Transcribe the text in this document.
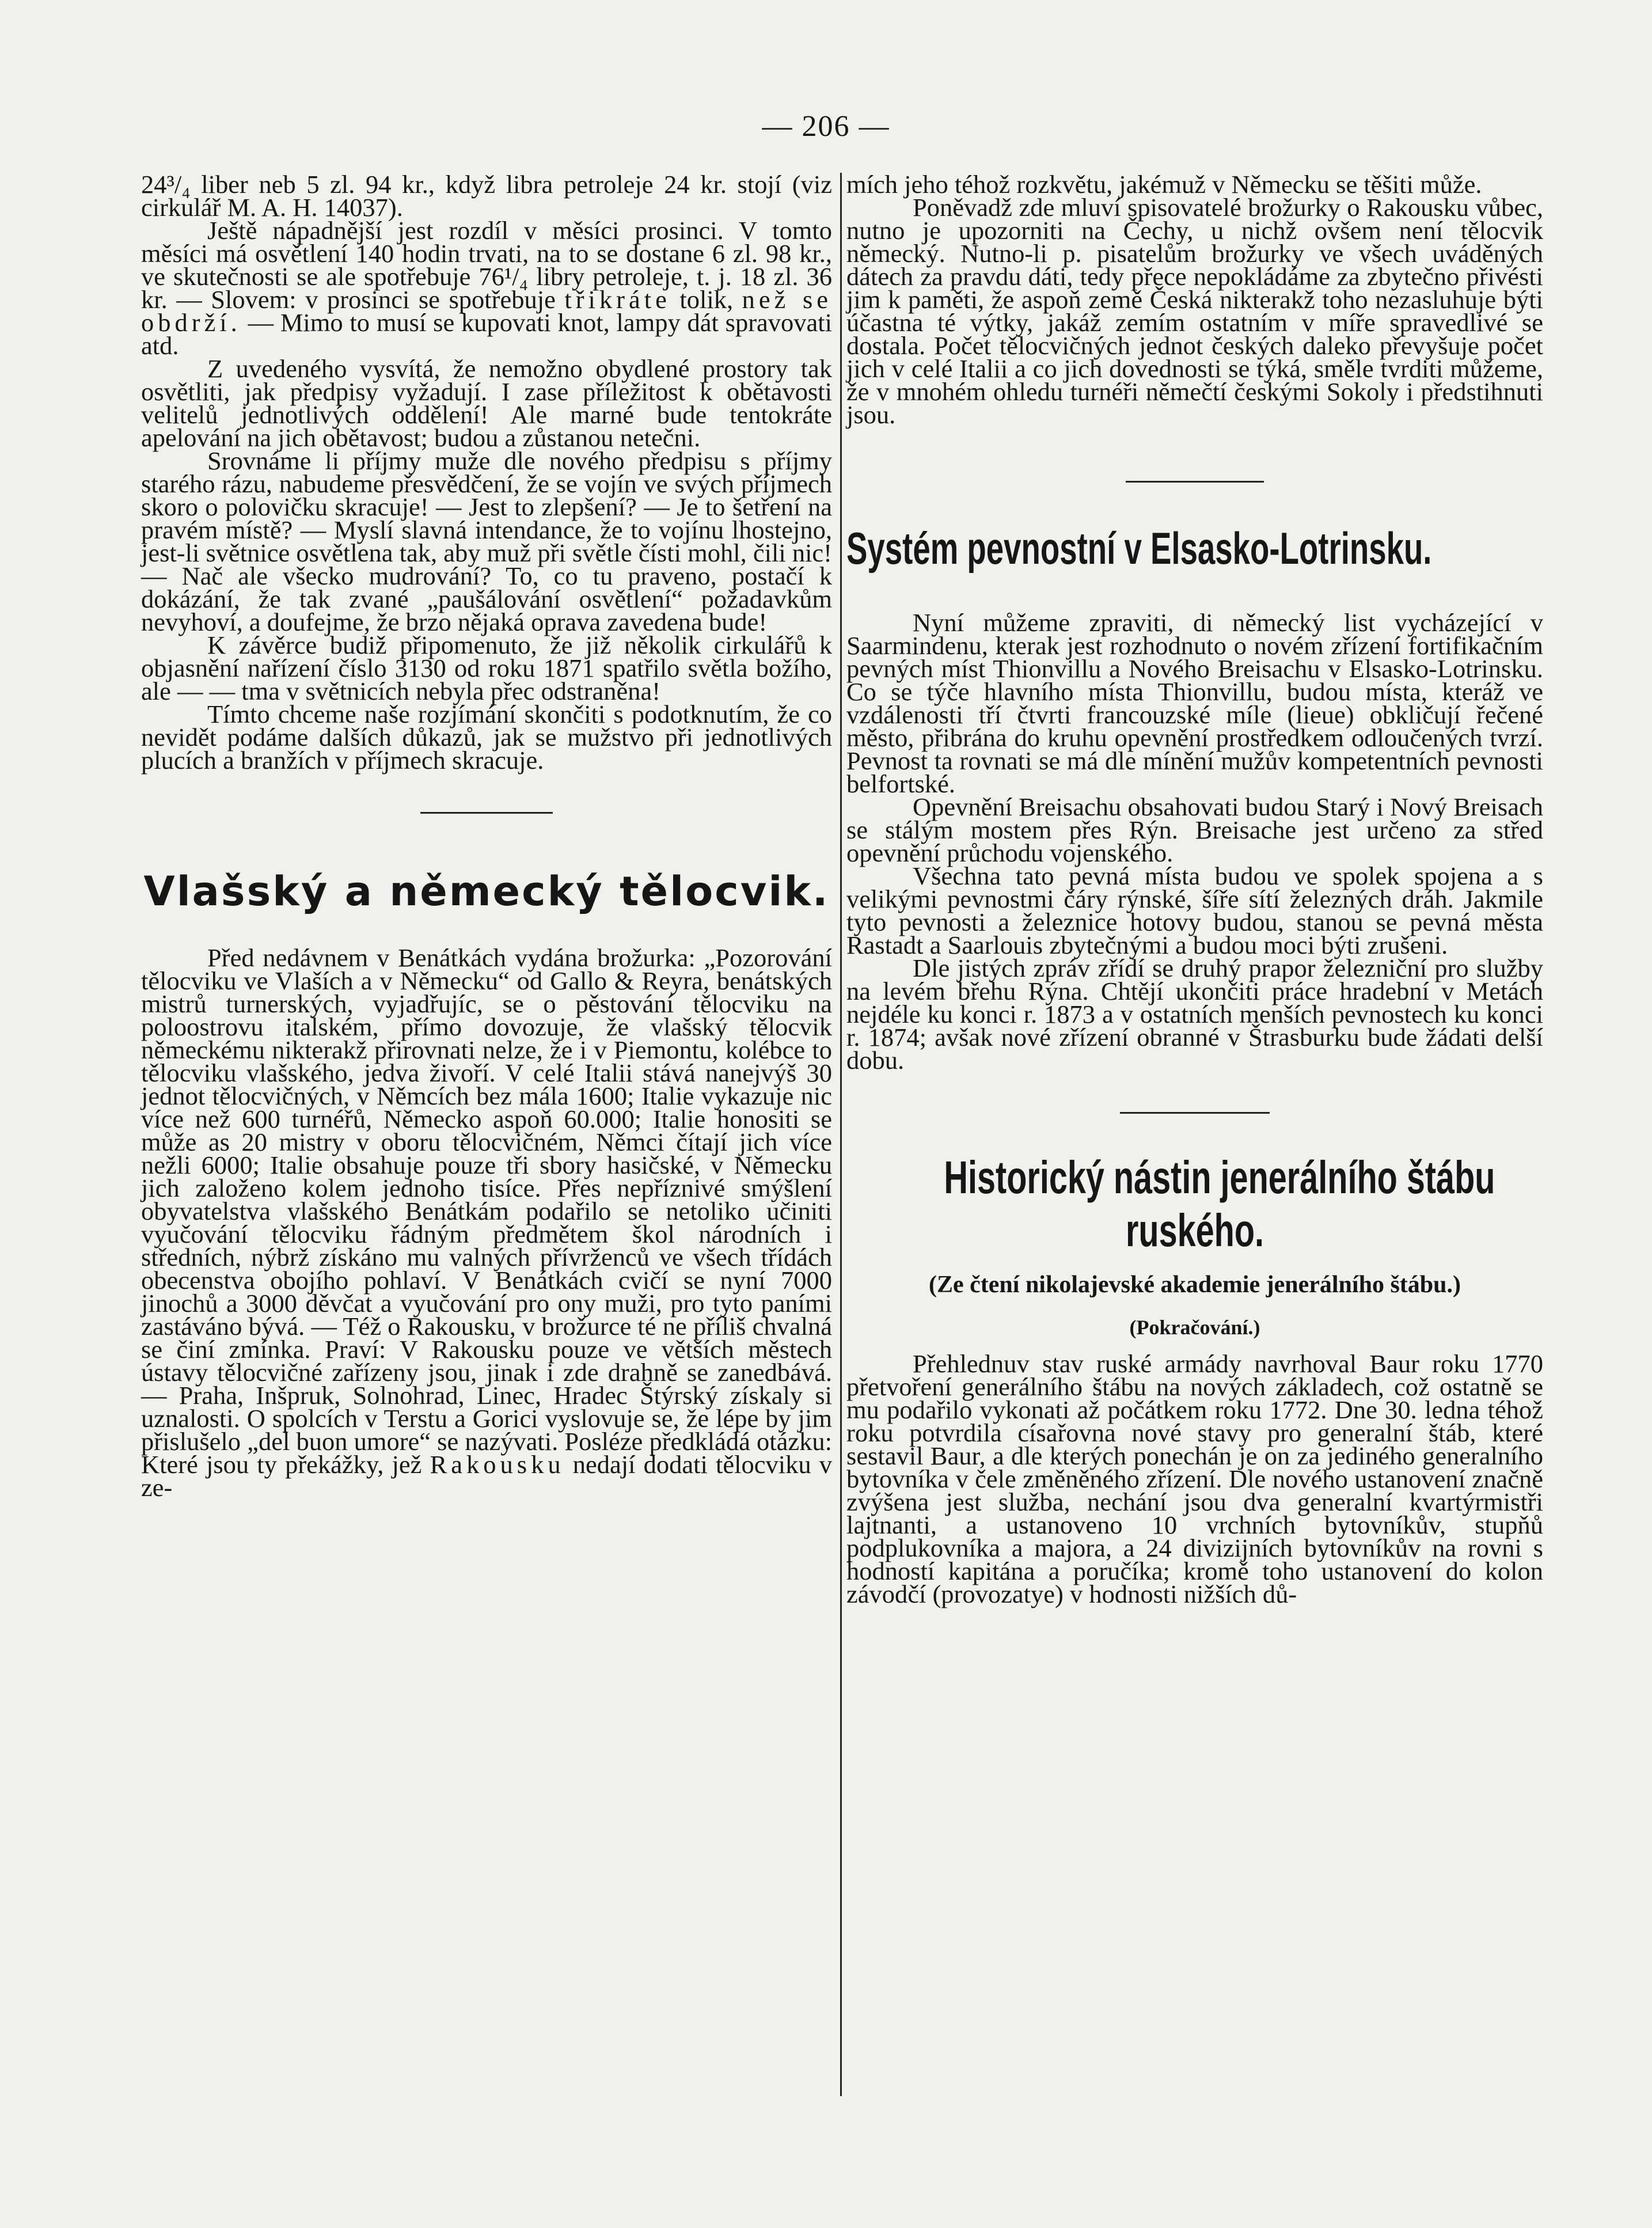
— 206 —

24³/₄ liber neb 5 zl. 94 kr., když libra petroleje 24 kr. stojí (viz cirkulář M. A. H. 14037).

Ještě nápadnější jest rozdíl v měsíci prosinci. V tomto měsíci má osvětlení 140 hodin trvati, na to se dostane 6 zl. 98 kr., ve skutečnosti se ale spotřebuje 76¹/₄ libry petroleje, t. j. 18 zl. 36 kr. — Slovem: v prosinci se spotřebuje třikráte tolik, než se obdrží. — Mimo to musí se kupovati knot, lampy dát spravovati atd.

Z uvedeného vysvítá, že nemožno obydlené prostory tak osvětliti, jak předpisy vyžadují. I zase příležitost k obětavosti velitelů jednotlivých oddělení! Ale marné bude tentokráte apelování na jich obětavost; budou a zůstanou netečni.

Srovnáme li příjmy muže dle nového předpisu s příjmy starého rázu, nabudeme přesvědčení, že se vojín ve svých příjmech skoro o polovičku skracuje! — Jest to zlepšení? — Je to šetření na pravém místě? — Myslí slavná intendance, že to vojínu lhostejno, jest-li světnice osvětlena tak, aby muž při světle čísti mohl, čili nic! — Nač ale všecko mudrování? To, co tu praveno, postačí k dokázání, že tak zvané „paušálování osvětlení“ požadavkům nevyhoví, a doufejme, že brzo nějaká oprava zavedena bude!

K závěrce budiž připomenuto, že již několik cirkulářů k objasnění nařízení číslo 3130 od roku 1871 spatřilo světla božího, ale — — tma v světnicích nebyla přec odstraněna!

Tímto chceme naše rozjímání skončiti s podotknutím, že co nevidět podáme dalších důkazů, jak se mužstvo při jednotlivých plucích a branžích v příjmech skracuje.

Vlašský a německý tělocvik.

Před nedávnem v Benátkách vydána brožurka: „Pozorování tělocviku ve Vlaších a v Německu“ od Gallo & Reyra, benátských mistrů turnerských, vyjadřujíc, se o pěstování tělocviku na poloostrovu italském, přímo dovozuje, že vlašský tělocvik německému nikterakž přirovnati nelze, že i v Piemontu, kolébce to tělocviku vlašského, jedva živoří. V celé Italii stává nanejvýš 30 jednot tělocvičných, v Němcích bez mála 1600; Italie vykazuje nic více než 600 turnéřů, Německo aspoň 60.000; Italie honositi se může as 20 mistry v oboru tělocvičném, Němci čítají jich více nežli 6000; Italie obsahuje pouze tři sbory hasičské, v Německu jich založeno kolem jednoho tisíce. Přes nepříznivé smýšlení obyvatelstva vlašského Benátkám podařilo se netoliko učiniti vyučování tělocviku řádným předmětem škol národních i středních, nýbrž získáno mu valných přívrženců ve všech třídách obecenstva obojího pohlaví. V Benátkách cvičí se nyní 7000 jinochů a 3000 děvčat a vyučování pro ony muži, pro tyto paními zastáváno bývá. — Též o Rakousku, v brožurce té ne příliš chvalná se činí zmínka. Praví: V Rakousku pouze ve větších městech ústavy tělocvičné zařízeny jsou, jinak i zde drahně se zanedbává. — Praha, Inšpruk, Solnohrad, Linec, Hradec Štýrský získaly si uznalosti. O spolcích v Terstu a Gorici vyslovuje se, že lépe by jim přislušelo „del buon umore“ se nazývati. Posléze předkládá otázku: Které jsou ty překážky, jež Rakousku nedají dodati tělocviku v ze-

mích jeho téhož rozkvětu, jakémuž v Německu se těšiti může.

Poněvadž zde mluví spisovatelé brožurky o Rakousku vůbec, nutno je upozorniti na Čechy, u nichž ovšem není tělocvik německý. Nutno-li p. pisatelům brožurky ve všech uváděných dátech za pravdu dáti, tedy přece nepokládáme za zbytečno přivésti jim k paměti, že aspoň země Česká nikterakž toho nezasluhuje býti účastna té výtky, jakáž zemím ostatním v míře spravedlivé se dostala. Počet tělocvičných jednot českých daleko převyšuje počet jich v celé Italii a co jich dovednosti se týká, směle tvrditi můžeme, že v mnohém ohledu turnéři němečtí českými Sokoly i předstihnuti jsou.

Systém pevnostní v Elsasko-Lotrinsku.

Nyní můžeme zpraviti, di německý list vycházející v Saarmindenu, kterak jest rozhodnuto o novém zřízení fortifikačním pevných míst Thionvillu a Nového Breisachu v Elsasko-Lotrinsku. Co se týče hlavního místa Thionvillu, budou místa, kteráž ve vzdálenosti tří čtvrti francouzské míle (lieue) obkličují řečené město, přibrána do kruhu opevnění prostředkem odloučených tvrzí. Pevnost ta rovnati se má dle mínění mužův kompetentních pevnosti belfortské.

Opevnění Breisachu obsahovati budou Starý i Nový Breisach se stálým mostem přes Rýn. Breisache jest určeno za střed opevnění průchodu vojenského.

Všechna tato pevná místa budou ve spolek spojena a s velikými pevnostmi čáry rýnské, šíře sítí železných dráh. Jakmile tyto pevnosti a železnice hotovy budou, stanou se pevná města Rastadt a Saarlouis zbytečnými a budou moci býti zrušeni.

Dle jistých zpráv zřídí se druhý prapor železniční pro služby na levém břehu Rýna. Chtějí ukončiti práce hradební v Metách nejdéle ku konci r. 1873 a v ostatních menších pevnostech ku konci r. 1874; avšak nové zřízení obranné v Štrasburku bude žádati delší dobu.

Historický nástin jenerálního štábu

ruského.

(Ze čtení nikolajevské akademie jenerálního štábu.)

(Pokračování.)

Přehlednuv stav ruské armády navrhoval Baur roku 1770 přetvoření generálního štábu na nových základech, což ostatně se mu podařilo vykonati až počátkem roku 1772. Dne 30. ledna téhož roku potvrdila císařovna nové stavy pro generalní štáb, které sestavil Baur, a dle kterých ponechán je on za jediného generalního bytovníka v čele změněného zřízení. Dle nového ustanovení značně zvýšena jest služba, nechání jsou dva generalní kvartýrmistři lajtnanti, a ustanoveno 10 vrchních bytovníkův, stupňů podplukovníka a majora, a 24 divizijních bytovníkův na rovni s hodností kapitána a poručíka; kromě toho ustanovení do kolon závodčí (provozatye) v hodnosti nižších dů-
